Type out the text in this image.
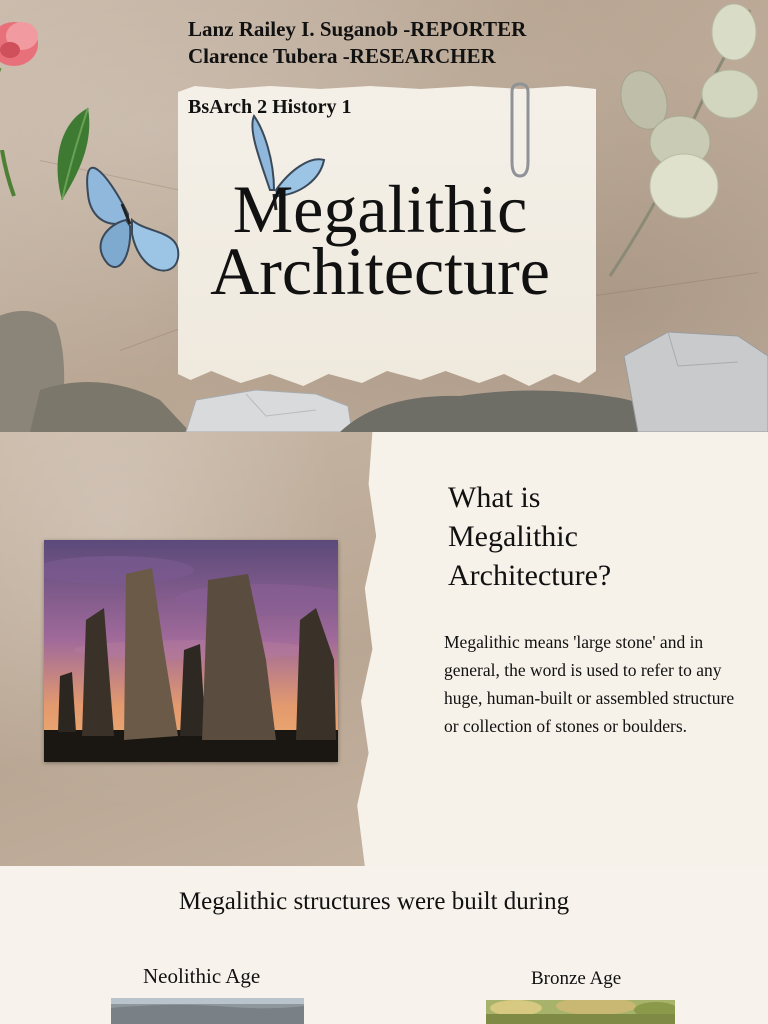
Lanz Railey I. Suganob -REPORTER
Clarence Tubera -RESEARCHER
BsArch 2 History 1
Megalithic
Architecture
What is
Megalithic
Architecture?
Megalithic means 'large stone' and in general, the word is used to refer to any huge, human-built or assembled structure or collection of stones or boulders.
Megalithic structures were built during
Neolithic Age	Bronze Age
